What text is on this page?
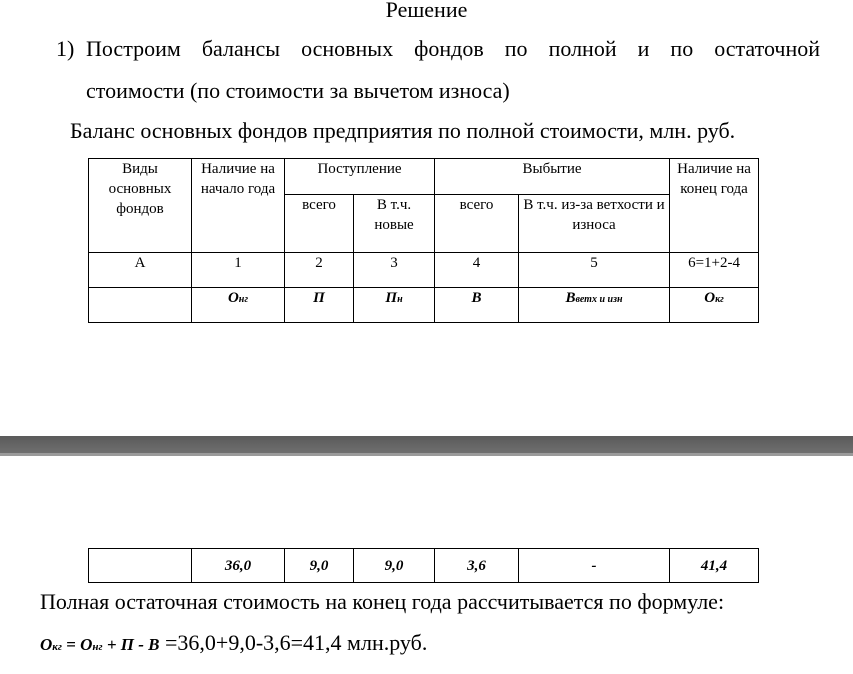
Решение
1) Построим балансы основных фондов по полной и по остаточной
стоимости (по стоимости за вычетом износа)
Баланс основных фондов предприятия по полной стоимости, млн. руб.
Виды основных фондов	Наличие на начало года	Поступление		Выбытие		Наличие на конец года
		всего	В т.ч. новые	всего	В т.ч. из-за ветхости и износа	
А	1	2	3	4	5	6=1+2-4
	Онг	П	Пн	В	Вветх и изн	Окг
	36,0	9,0	9,0	3,6	-	41,4
Полная остаточная стоимость на конец года рассчитывается по формуле:
Oкг = Oнг + П - В =36,0+9,0-3,6=41,4 млн.руб.
